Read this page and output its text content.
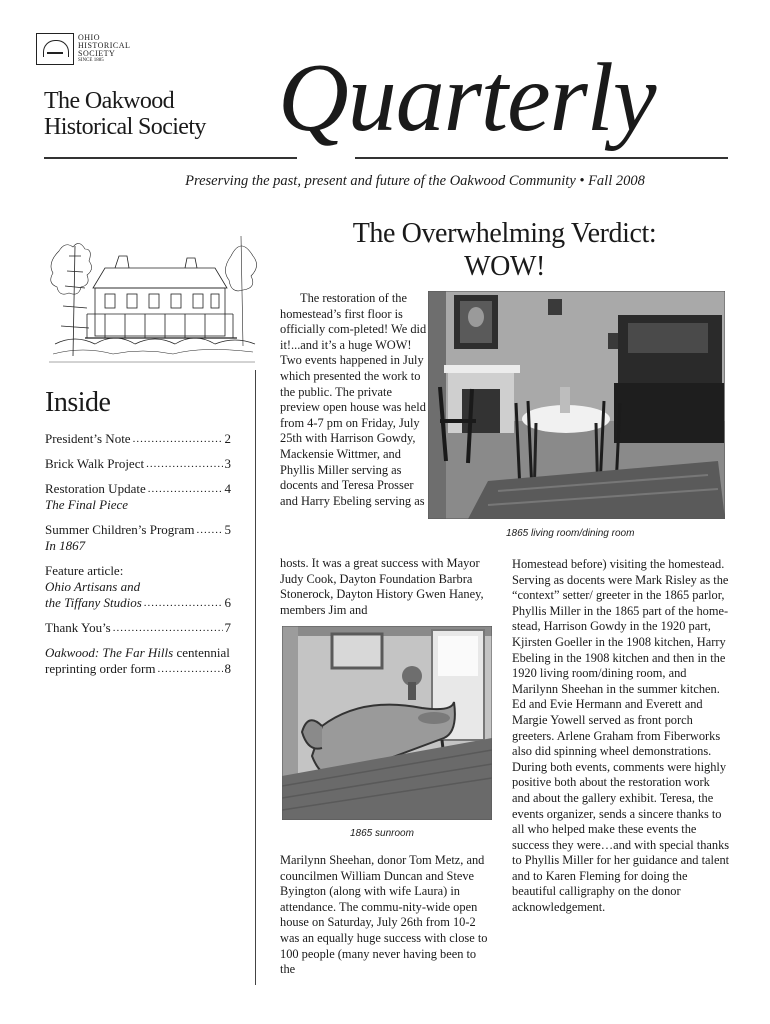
OHIO
HISTORICAL
SOCIETY
SINCE 1885
The Oakwood
Historical Society Quarterly
Preserving the past, present and future of the Oakwood Community • Fall 2008
Inside
President’s Note .....	2
Brick Walk Project .....	3
Restoration Update .....	4
The Final Piece
Summer Children’s Program ..... 5
In 1867
Feature article:
Ohio Artisans and
the Tiffany Studios .....	6
Thank You’s .....	7
Oakwood: The Far Hills centennial
reprinting order form .....	8
The Overwhelming Verdict:
WOW!

The restoration of the homestead’s first floor is officially com-pleted! We did it!...and it’s a huge WOW! Two events happened in July which presented the work to the public. The private preview open house was held from 4-7 pm on Friday, July 25th with Harrison Gowdy, Mackensie Wittmer, and Phyllis Miller serving as docents and Teresa Prosser and Harry Ebeling serving as

hosts. It was a great success with Mayor Judy Cook, Dayton Foundation Barbra Stonerock, Dayton History Gwen Haney, members Jim and

Marilynn Sheehan, donor Tom Metz, and councilmen William Duncan and Steve Byington (along with wife Laura) in attendance. The commu-nity-wide open house on Saturday, July 26th from 10-2 was an equally huge success with close to 100 people (many never having been to the

Homestead before) visiting the homestead. Serving as docents were Mark Risley as the “context” setter/ greeter in the 1865 parlor, Phyllis Miller in the 1865 part of the home-stead, Harrison Gowdy in the 1920 part, Kjirsten Goeller in the 1908 kitchen, Harry Ebeling in the 1908 kitchen and then in the 1920 living room/dining room, and Marilynn Sheehan in the summer kitchen. Ed and Evie Hermann and Everett and Margie Yowell served as front porch greeters. Arlene Graham from Fiberworks also did spinning wheel demonstrations. During both events, comments were highly positive both about the restoration work and about the gallery exhibit. Teresa, the events organizer, sends a sincere thanks to all who helped make these events the success they were…and with special thanks to Phyllis Miller for her guidance and talent and to Karen Fleming for doing the beautiful calligraphy on the donor acknowledgement.

1865 living room/dining room
1865 sunroom
